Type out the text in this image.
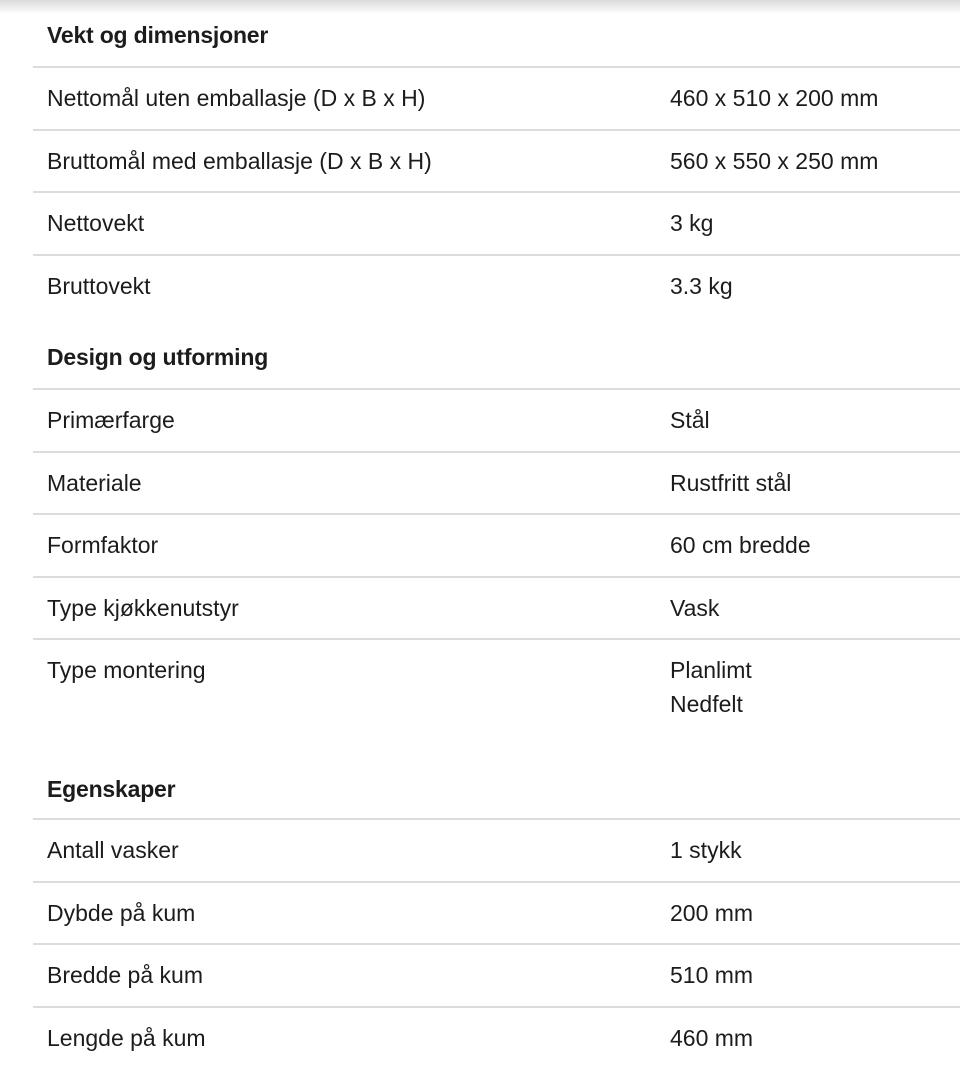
Vekt og dimensjoner
Nettomål uten emballasje (D x B x H)	460 x 510 x 200 mm
Bruttomål med emballasje (D x B x H)	560 x 550 x 250 mm
Nettovekt	3 kg
Bruttovekt	3.3 kg
Design og utforming
Primærfarge	Stål
Materiale	Rustfritt stål
Formfaktor	60 cm bredde
Type kjøkkenutstyr	Vask
Type montering	Planlimt
Nedfelt
Egenskaper
Antall vasker	1 stykk
Dybde på kum	200 mm
Bredde på kum	510 mm
Lengde på kum	460 mm
